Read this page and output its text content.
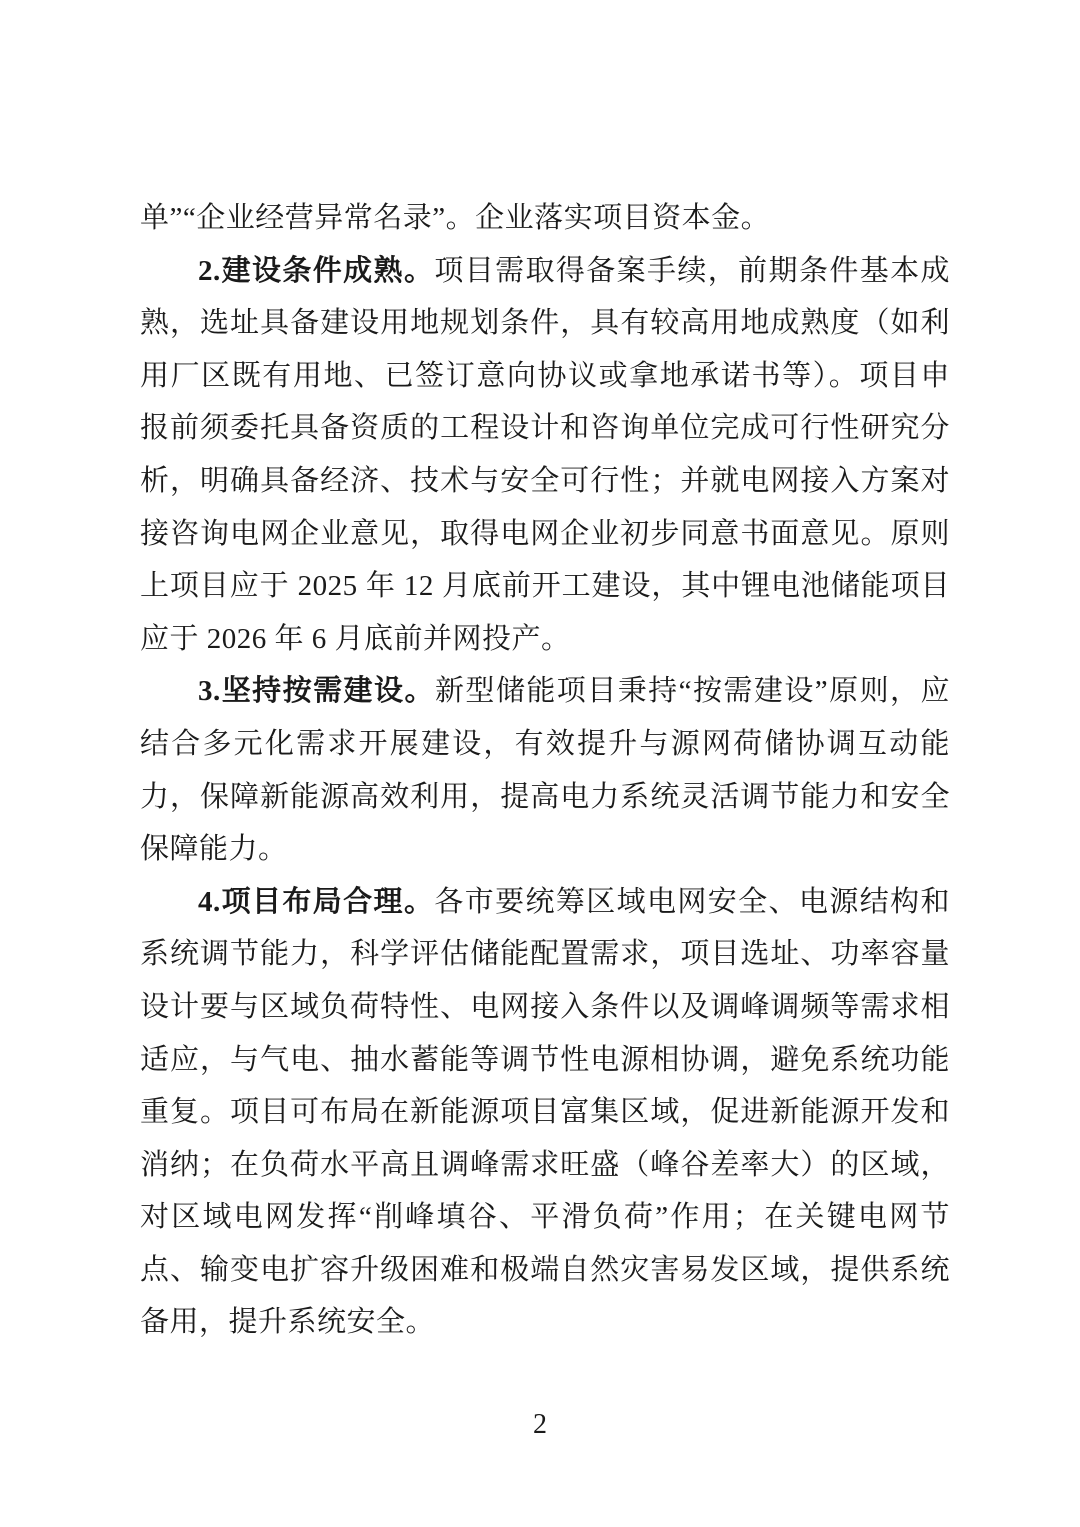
单”“企业经营异常名录”。企业落实项目资本金。

2.建设条件成熟。项目需取得备案手续，前期条件基本成熟，选址具备建设用地规划条件，具有较高用地成熟度（如利用厂区既有用地、已签订意向协议或拿地承诺书等）。项目申报前须委托具备资质的工程设计和咨询单位完成可行性研究分析，明确具备经济、技术与安全可行性；并就电网接入方案对接咨询电网企业意见，取得电网企业初步同意书面意见。原则上项目应于 2025 年 12 月底前开工建设，其中锂电池储能项目应于 2026 年 6 月底前并网投产。

3.坚持按需建设。新型储能项目秉持“按需建设”原则，应结合多元化需求开展建设，有效提升与源网荷储协调互动能力，保障新能源高效利用，提高电力系统灵活调节能力和安全保障能力。

4.项目布局合理。各市要统筹区域电网安全、电源结构和系统调节能力，科学评估储能配置需求，项目选址、功率容量设计要与区域负荷特性、电网接入条件以及调峰调频等需求相适应，与气电、抽水蓄能等调节性电源相协调，避免系统功能重复。项目可布局在新能源项目富集区域，促进新能源开发和消纳；在负荷水平高且调峰需求旺盛（峰谷差率大）的区域，对区域电网发挥“削峰填谷、平滑负荷”作用；在关键电网节点、输变电扩容升级困难和极端自然灾害易发区域，提供系统备用，提升系统安全。

2
